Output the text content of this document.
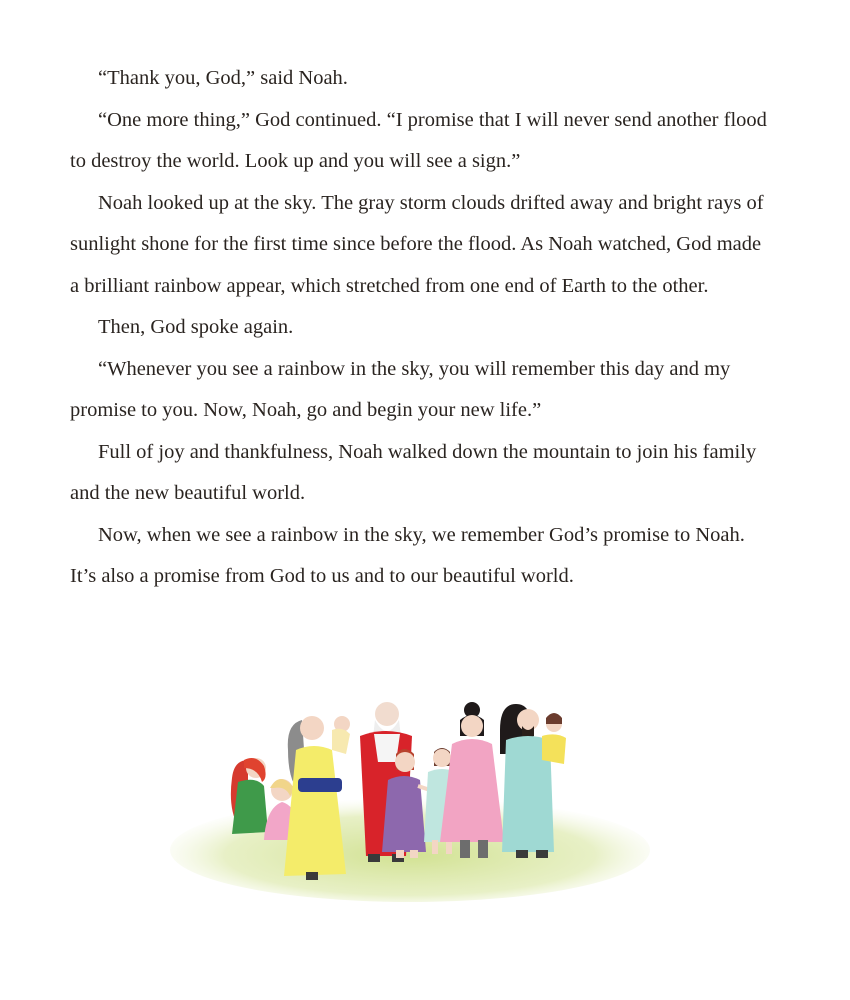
“Thank you, God,” said Noah.

“One more thing,” God continued. “I promise that I will never send another flood to destroy the world. Look up and you will see a sign.”

Noah looked up at the sky. The gray storm clouds drifted away and bright rays of sunlight shone for the first time since before the flood. As Noah watched, God made a brilliant rainbow appear, which stretched from one end of Earth to the other.

Then, God spoke again.

“Whenever you see a rainbow in the sky, you will remember this day and my promise to you. Now, Noah, go and begin your new life.”

Full of joy and thankfulness, Noah walked down the mountain to join his family and the new beautiful world.

Now, when we see a rainbow in the sky, we remember God’s promise to Noah. It’s also a promise from God to us and to our beautiful world.
